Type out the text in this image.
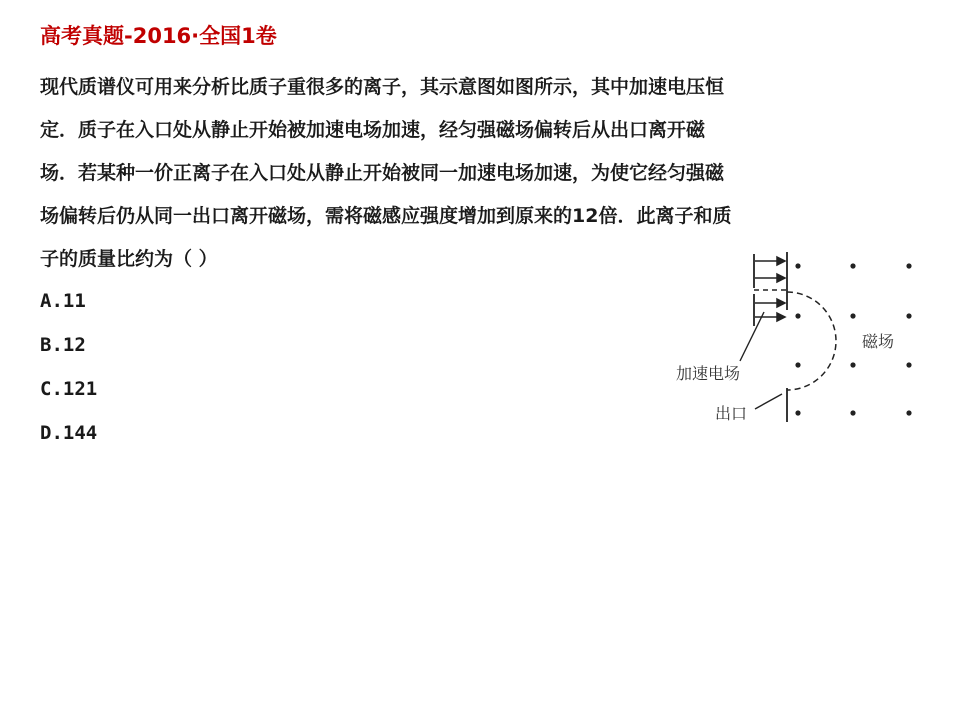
高考真题-2016·全国1卷
现代质谱仪可用来分析比质子重很多的离子，其示意图如图所示，其中加速电压恒
定．质子在入口处从静止开始被加速电场加速，经匀强磁场偏转后从出口离开磁
场．若某种一价正离子在入口处从静止开始被同一加速电场加速，为使它经匀强磁
场偏转后仍从同一出口离开磁场，需将磁感应强度增加到原来的12倍．此离子和质
子的质量比约为（ ）
A.11
B.12
C.121
D.144
加速电场
出口
磁场
